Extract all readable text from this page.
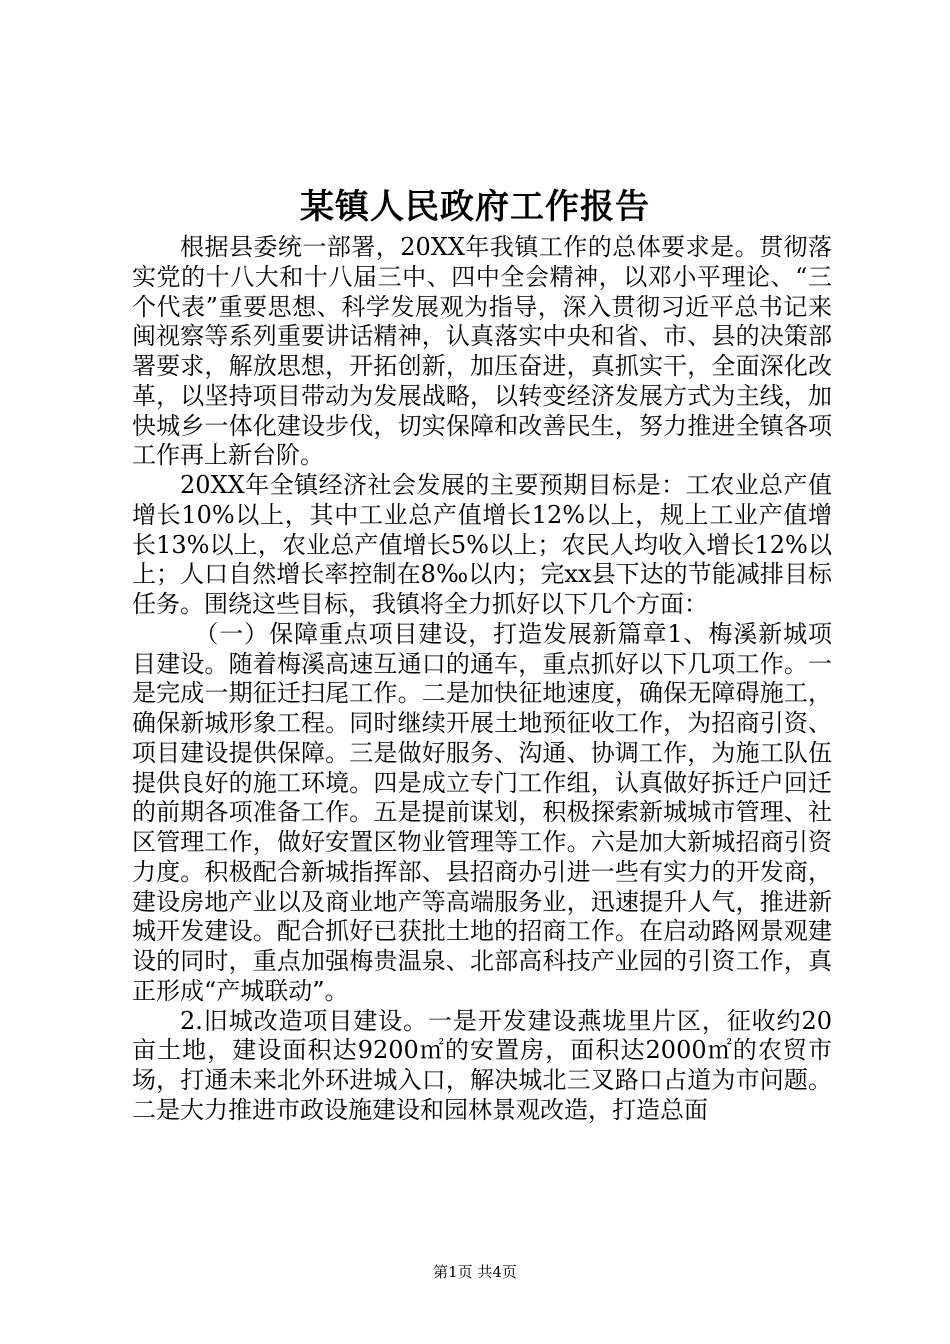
某镇人民政府工作报告

根据县委统一部署，20XX年我镇工作的总体要求是。贯彻落实党的十八大和十八届三中、四中全会精神，以邓小平理论、“三个代表”重要思想、科学发展观为指导，深入贯彻习近平总书记来闽视察等系列重要讲话精神，认真落实中央和省、市、县的决策部署要求，解放思想，开拓创新，加压奋进，真抓实干，全面深化改革，以坚持项目带动为发展战略，以转变经济发展方式为主线，加快城乡一体化建设步伐，切实保障和改善民生，努力推进全镇各项工作再上新台阶。

20XX年全镇经济社会发展的主要预期目标是：工农业总产值增长10%以上，其中工业总产值增长12%以上，规上工业产值增长13%以上，农业总产值增长5%以上；农民人均收入增长12%以上；人口自然增长率控制在8‰以内；完xx县下达的节能减排目标任务。围绕这些目标，我镇将全力抓好以下几个方面：

（一）保障重点项目建设，打造发展新篇章1、梅溪新城项目建设。随着梅溪高速互通口的通车，重点抓好以下几项工作。一是完成一期征迁扫尾工作。二是加快征地速度，确保无障碍施工，确保新城形象工程。同时继续开展土地预征收工作，为招商引资、项目建设提供保障。三是做好服务、沟通、协调工作，为施工队伍提供良好的施工环境。四是成立专门工作组，认真做好拆迁户回迁的前期各项准备工作。五是提前谋划，积极探索新城城市管理、社区管理工作，做好安置区物业管理等工作。六是加大新城招商引资力度。积极配合新城指挥部、县招商办引进一些有实力的开发商，建设房地产业以及商业地产等高端服务业，迅速提升人气，推进新城开发建设。配合抓好已获批土地的招商工作。在启动路网景观建设的同时，重点加强梅贵温泉、北部高科技产业园的引资工作，真正形成“产城联动”。

2.旧城改造项目建设。一是开发建设燕垅里片区，征收约20亩土地，建设面积达9200㎡的安置房，面积达2000㎡的农贸市场，打通未来北外环进城入口，解决城北三叉路口占道为市问题。二是大力推进市政设施建设和园林景观改造，打造总面

第1页 共4页
